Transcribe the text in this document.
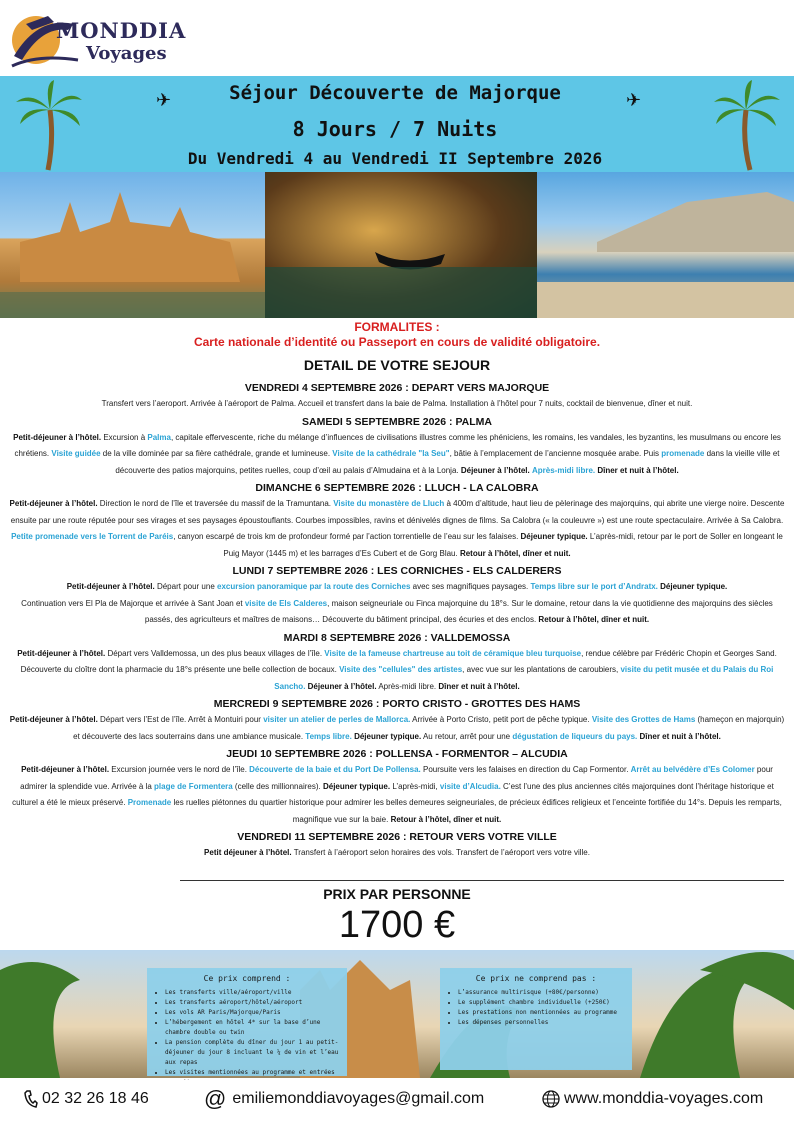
MONDDIA
Voyages
✈	✈
Séjour Découverte de Majorque
8 Jours / 7 Nuits
Du Vendredi 4 au Vendredi II Septembre 2026
FORMALITES :
Carte nationale d’identité ou Passeport en cours de validité obligatoire.
DETAIL DE VOTRE SEJOUR
VENDREDI 4 SEPTEMBRE 2026 : DEPART VERS MAJORQUE
Transfert vers l’aeroport. Arrivée à l’aéroport de Palma. Accueil et transfert dans la baie de Palma. Installation à l’hôtel pour 7 nuits, cocktail de bienvenue, dîner et nuit.
SAMEDI 5 SEPTEMBRE 2026 : PALMA
Petit-déjeuner à l’hôtel. Excursion à Palma, capitale effervescente, riche du mélange d’influences de civilisations illustres comme les phéniciens, les romains, les vandales, les byzantins, les musulmans ou encore les chrétiens. Visite guidée de la ville dominée par sa fière cathédrale, grande et lumineuse. Visite de la cathédrale "la Seu", bâtie à l’emplacement de l’ancienne mosquée arabe. Puis promenade dans la vieille ville et découverte des patios majorquins, petites ruelles, coup d’œil au palais d’Almudaina et à la Lonja. Déjeuner à l’hôtel. Après-midi libre. Dîner et nuit à l’hôtel.
DIMANCHE 6 SEPTEMBRE 2026 : LLUCH - LA CALOBRA
Petit-déjeuner à l’hôtel. Direction le nord de l’île et traversée du massif de la Tramuntana. Visite du monastère de Lluch à 400m d’altitude, haut lieu de pèlerinage des majorquins, qui abrite une vierge noire. Descente ensuite par une route réputée pour ses virages et ses paysages époustouflants. Courbes impossibles, ravins et dénivelés dignes de films. Sa Calobra (« la couleuvre ») est une route spectaculaire. Arrivée à Sa Calobra. Petite promenade vers le Torrent de Paréis, canyon escarpé de trois km de profondeur formé par l’action torrentielle de l’eau sur les falaises. Déjeuner typique. L’après-midi, retour par le port de Soller en longeant le Puig Mayor (1445 m) et les barrages d’Es Cubert et de Gorg Blau. Retour à l’hôtel, dîner et nuit.
LUNDI 7 SEPTEMBRE 2026 : LES CORNICHES - ELS CALDERERS
Petit-déjeuner à l’hôtel. Départ pour une excursion panoramique par la route des Corniches avec ses magnifiques paysages. Temps libre sur le port d’Andratx. Déjeuner typique.
Continuation vers El Pla de Majorque et arrivée à Sant Joan et visite de Els Calderes, maison seigneuriale ou Finca majorquine du 18°s. Sur le domaine, retour dans la vie quotidienne des majorquins des siècles passés, des agriculteurs et maîtres de maisons… Découverte du bâtiment principal, des écuries et des enclos. Retour à l’hôtel, dîner et nuit.
MARDI 8 SEPTEMBRE 2026 : VALLDEMOSSA
Petit-déjeuner à l’hôtel. Départ vers Valldemossa, un des plus beaux villages de l’île. Visite de la fameuse chartreuse au toit de céramique bleu turquoise, rendue célèbre par Frédéric Chopin et Georges Sand. Découverte du cloître dont la pharmacie du 18°s présente une belle collection de bocaux. Visite des "cellules" des artistes, avec vue sur les plantations de caroubiers, visite du petit musée et du Palais du Roi Sancho. Déjeuner à l’hôtel. Après-midi libre. Dîner et nuit à l’hôtel.
MERCREDI 9 SEPTEMBRE 2026 : PORTO CRISTO - GROTTES DES HAMS
Petit-déjeuner à l’hôtel. Départ vers l’Est de l’île. Arrêt à Montuiri pour visiter un atelier de perles de Mallorca. Arrivée à Porto Cristo, petit port de pêche typique. Visite des Grottes de Hams (hameçon en majorquin) et découverte des lacs souterrains dans une ambiance musicale. Temps libre. Déjeuner typique. Au retour, arrêt pour une dégustation de liqueurs du pays. Dîner et nuit à l’hôtel.
JEUDI 10 SEPTEMBRE 2026 : POLLENSA - FORMENTOR – ALCUDIA
Petit-déjeuner à l’hôtel. Excursion journée vers le nord de l’île. Découverte de la baie et du Port De Pollensa. Poursuite vers les falaises en direction du Cap Formentor. Arrêt au belvédère d’Es Colomer pour admirer la splendide vue. Arrivée à la plage de Formentera (celle des millionnaires). Déjeuner typique. L’après-midi, visite d’Alcudia. C’est l’une des plus anciennes cités majorquines dont l’héritage historique et culturel a été le mieux préservé. Promenade les ruelles piétonnes du quartier historique pour admirer les belles demeures seigneuriales, de précieux édifices religieux et l’enceinte fortifiée du 14°s. Depuis les remparts, magnifique vue sur la baie. Retour à l’hôtel, dîner et nuit.
VENDREDI 11 SEPTEMBRE 2026 : RETOUR VERS VOTRE VILLE
Petit déjeuner à l’hôtel. Transfert à l’aéroport selon horaires des vols. Transfert de l’aéroport vers votre ville.
PRIX PAR PERSONNE
1700 €
Ce prix comprend :
• Les transferts ville/aéroport/ville
• Les transferts aéroport/hôtel/aéroport
• Les vols AR Paris/Majorque/Paris
• L’hébergement en hôtel 4* sur la base d’une chambre double ou twin
• La pension complète du dîner du jour 1 au petit-déjeuner du jour 8 incluant le ¼ de vin et l’eau aux repas
• Les visites mentionnées au programme et entrées
Ce prix ne comprend pas :
• L’assurance multirisque (+80€/personne)
• Le supplément chambre individuelle (+250€)
• Les prestations non mentionnées au programme
• Les dépenses personnelles
02 32 26 18 46	@ emiliemonddiavoyages@gmail.com	www.monddia-voyages.com
